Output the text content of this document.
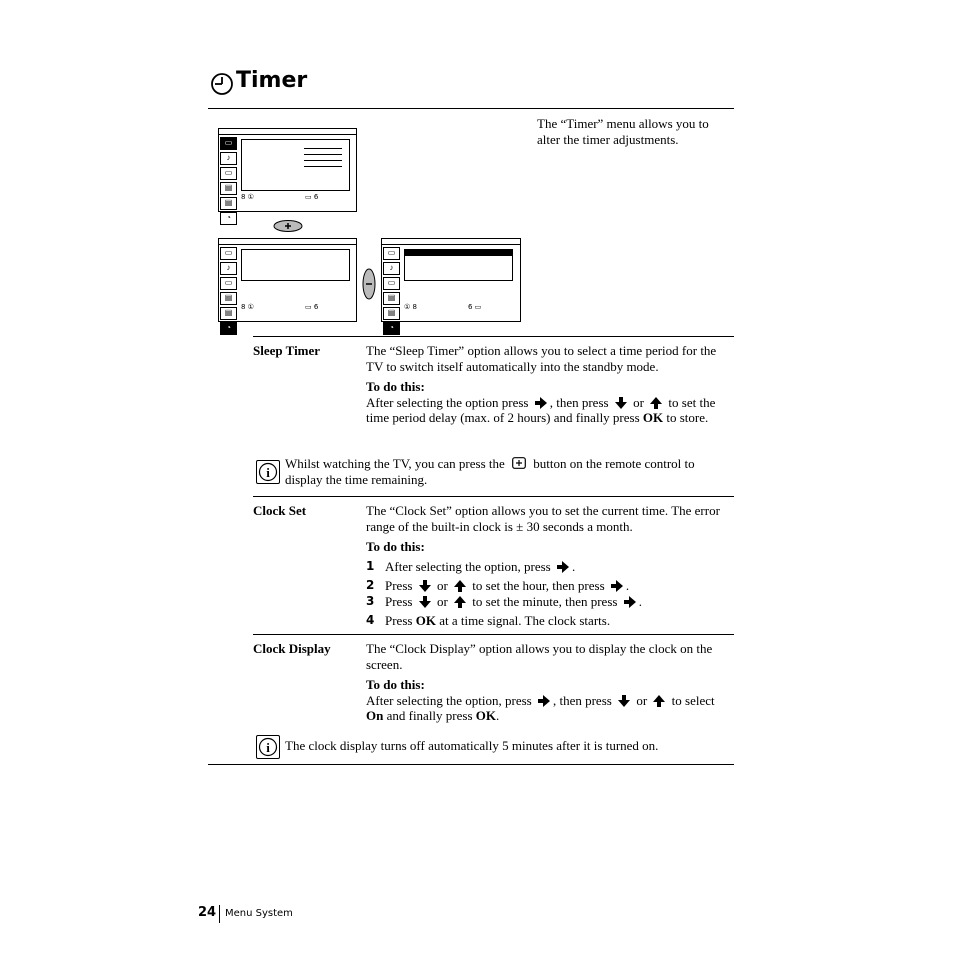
Timer

The “Timer” menu allows you to alter the timer adjustments.

▭
♪
▭
▤
▤
◔
8 ①	▭ 6
▭
♪
▭
▤
▤
◔
8 ①	▭ 6
▭
♪
▭
▤
▤
◔
① 8	6 ▭
Sleep Timer	The “Sleep Timer” option allows you to select a time period for the TV to switch itself automatically into the standby mode.

To do this:

After selecting the option press , then press or to set the time period delay (max. of 2 hours) and finally press OK to store.

i

Whilst watching the TV, you can press the button on the remote control to display the time remaining.

Clock Set	The “Clock Set” option allows you to set the current time. The error range of the built-in clock is ± 30 seconds a month.

To do this:

1 After selecting the option, press .
2 Press or to set the hour, then press .
3 Press or to set the minute, then press .
4 Press OK at a time signal. The clock starts.
Clock Display	The “Clock Display” option allows you to display the clock on the screen.

To do this:

After selecting the option, press , then press or to select On and finally press OK.

i The clock display turns off automatically 5 minutes after it is turned on.

24 Menu System
